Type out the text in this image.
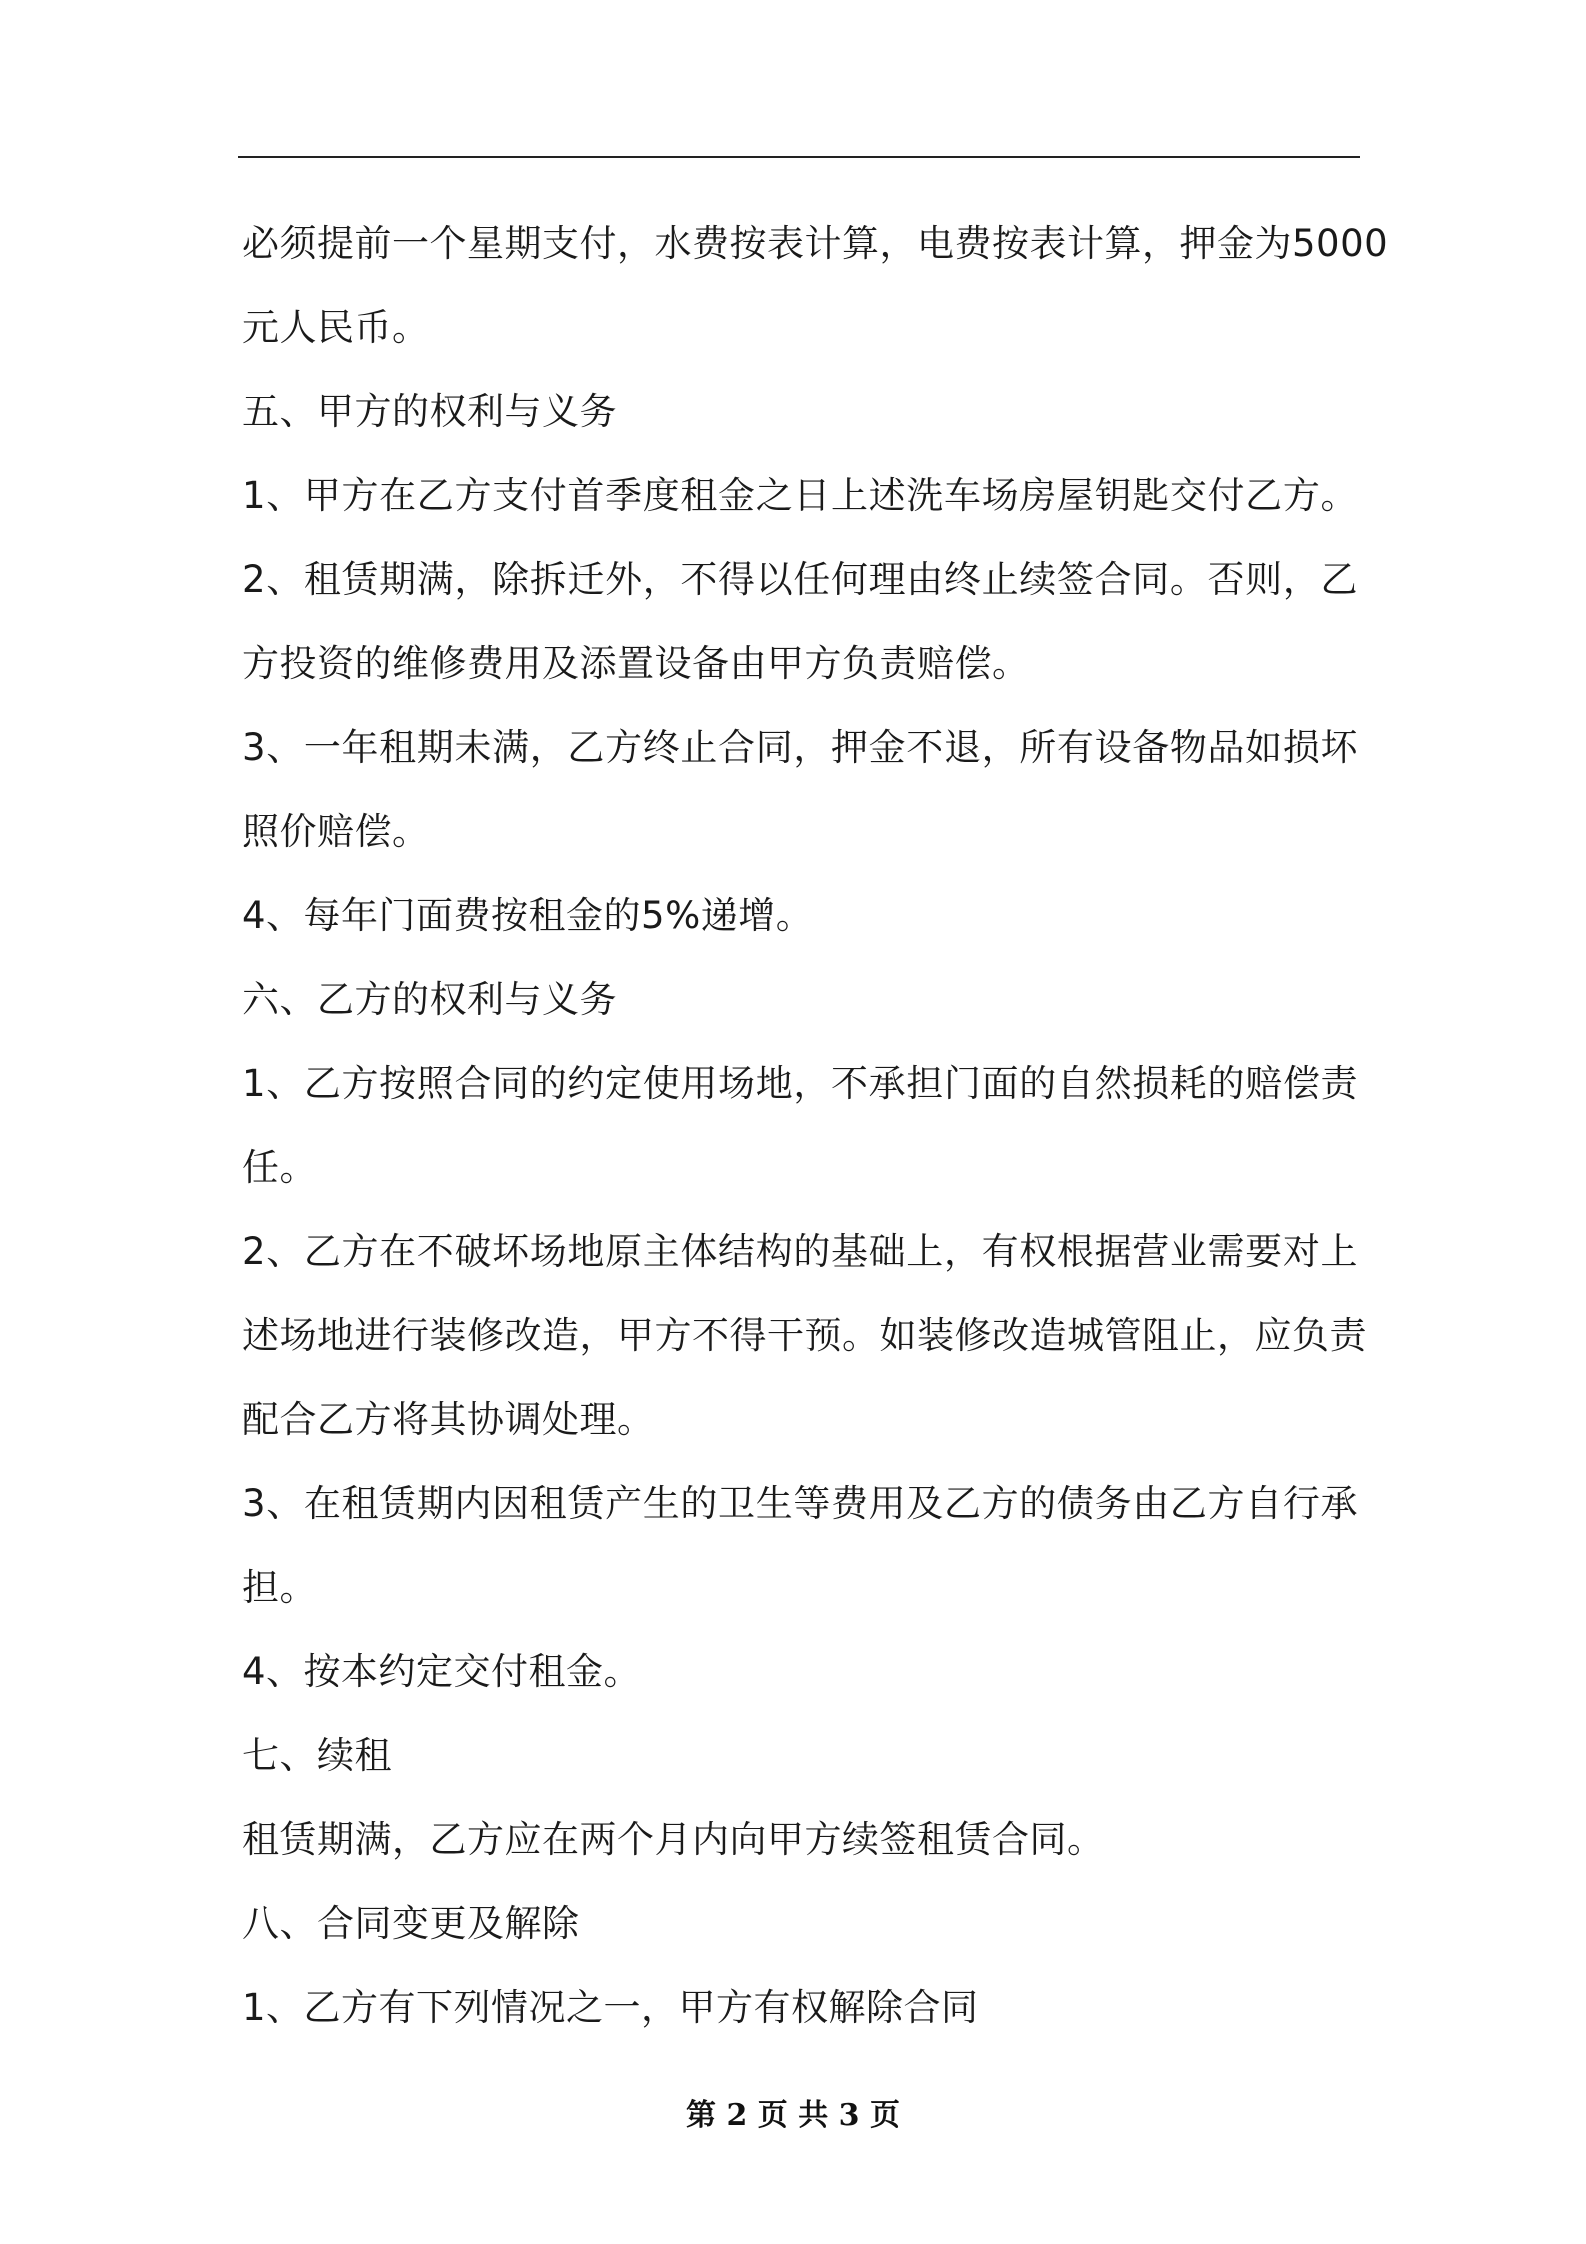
必须提前一个星期支付，水费按表计算，电费按表计算，押金为5000
元人民币。
五、甲方的权利与义务
1、甲方在乙方支付首季度租金之日上述洗车场房屋钥匙交付乙方。
2、租赁期满，除拆迁外，不得以任何理由终止续签合同。否则，乙
方投资的维修费用及添置设备由甲方负责赔偿。
3、一年租期未满，乙方终止合同，押金不退，所有设备物品如损坏
照价赔偿。
4、每年门面费按租金的5%递增。
六、乙方的权利与义务
1、乙方按照合同的约定使用场地，不承担门面的自然损耗的赔偿责
任。
2、乙方在不破坏场地原主体结构的基础上，有权根据营业需要对上
述场地进行装修改造，甲方不得干预。如装修改造城管阻止，应负责
配合乙方将其协调处理。
3、在租赁期内因租赁产生的卫生等费用及乙方的债务由乙方自行承
担。
4、按本约定交付租金。
七、续租
租赁期满，乙方应在两个月内向甲方续签租赁合同。
八、合同变更及解除
1、乙方有下列情况之一，甲方有权解除合同
第 2 页 共 3 页
